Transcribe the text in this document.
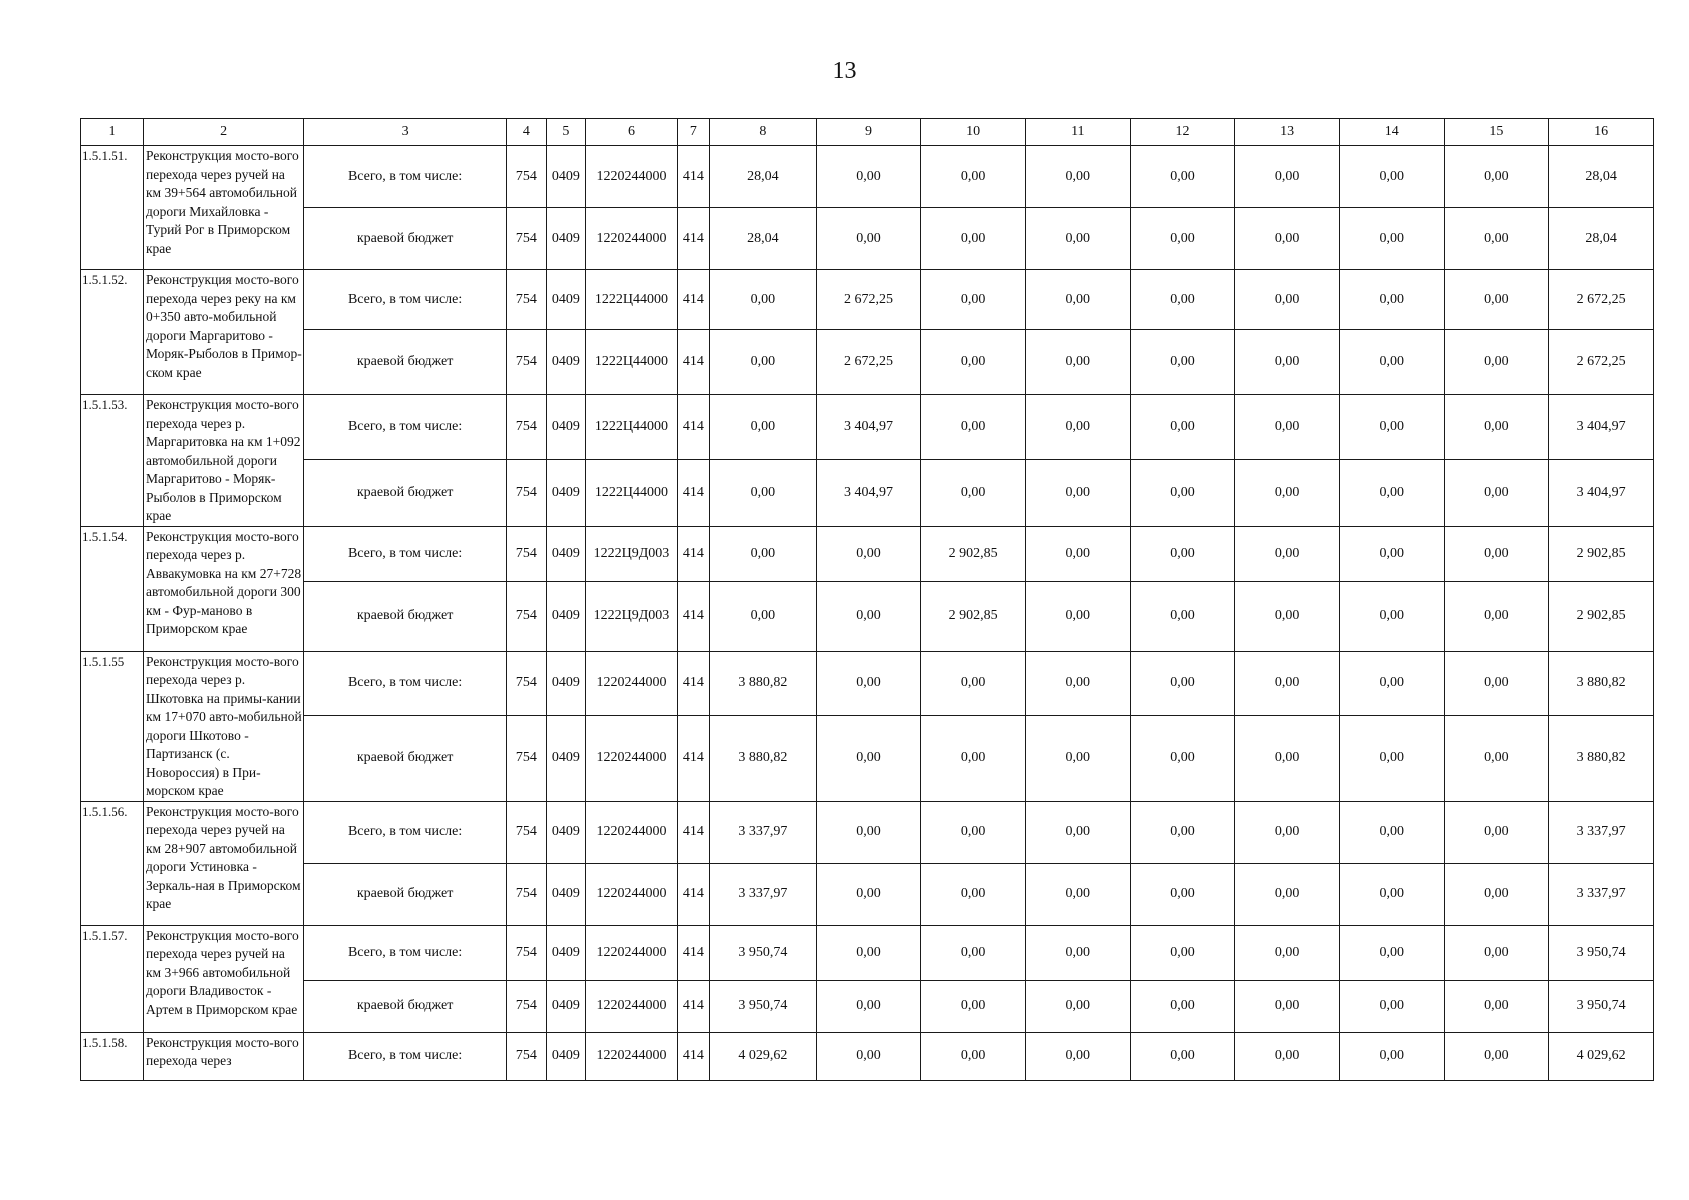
13
1	2	3	4	5	6	7	8	9	10	11	12	13	14	15	16
1.5.1.51.	Реконструкция мосто-вого перехода через ручей на км 39+564 автомобильной дороги Михайловка - Турий Рог в Приморском крае	Всего, в том числе:	754	0409	1220244000	414	28,04	0,00	0,00	0,00	0,00	0,00	0,00	0,00	28,04
		краевой бюджет	754	0409	1220244000	414	28,04	0,00	0,00	0,00	0,00	0,00	0,00	0,00	28,04
1.5.1.52.	Реконструкция мосто-вого перехода через реку на км 0+350 авто-мобильной дороги Маргаритово - Моряк-Рыболов в Примор-ском крае	Всего, в том числе:	754	0409	1222Ц44000	414	0,00	2 672,25	0,00	0,00	0,00	0,00	0,00	0,00	2 672,25
		краевой бюджет	754	0409	1222Ц44000	414	0,00	2 672,25	0,00	0,00	0,00	0,00	0,00	0,00	2 672,25
1.5.1.53.	Реконструкция мосто-вого перехода через р. Маргаритовка на км 1+092 автомобильной дороги Маргаритово - Моряк-Рыболов в Приморском крае	Всего, в том числе:	754	0409	1222Ц44000	414	0,00	3 404,97	0,00	0,00	0,00	0,00	0,00	0,00	3 404,97
		краевой бюджет	754	0409	1222Ц44000	414	0,00	3 404,97	0,00	0,00	0,00	0,00	0,00	0,00	3 404,97
1.5.1.54.	Реконструкция мосто-вого перехода через р. Аввакумовка на км 27+728 автомобильной дороги 300 км - Фур-маново в Приморском крае	Всего, в том числе:	754	0409	1222Ц9Д003	414	0,00	0,00	2 902,85	0,00	0,00	0,00	0,00	0,00	2 902,85
		краевой бюджет	754	0409	1222Ц9Д003	414	0,00	0,00	2 902,85	0,00	0,00	0,00	0,00	0,00	2 902,85
1.5.1.55	Реконструкция мосто-вого перехода через р. Шкотовка на примы-кании км 17+070 авто-мобильной дороги Шкотово - Партизанск (с. Новороссия) в При-морском крае	Всего, в том числе:	754	0409	1220244000	414	3 880,82	0,00	0,00	0,00	0,00	0,00	0,00	0,00	3 880,82
		краевой бюджет	754	0409	1220244000	414	3 880,82	0,00	0,00	0,00	0,00	0,00	0,00	0,00	3 880,82
1.5.1.56.	Реконструкция мосто-вого перехода через ручей на км 28+907 автомобильной дороги Устиновка - Зеркаль-ная в Приморском крае	Всего, в том числе:	754	0409	1220244000	414	3 337,97	0,00	0,00	0,00	0,00	0,00	0,00	0,00	3 337,97
		краевой бюджет	754	0409	1220244000	414	3 337,97	0,00	0,00	0,00	0,00	0,00	0,00	0,00	3 337,97
1.5.1.57.	Реконструкция мосто-вого перехода через ручей на км 3+966 автомобильной дороги Владивосток - Артем в Приморском крае	Всего, в том числе:	754	0409	1220244000	414	3 950,74	0,00	0,00	0,00	0,00	0,00	0,00	0,00	3 950,74
		краевой бюджет	754	0409	1220244000	414	3 950,74	0,00	0,00	0,00	0,00	0,00	0,00	0,00	3 950,74
1.5.1.58.	Реконструкция мосто-вого перехода через	Всего, в том числе:	754	0409	1220244000	414	4 029,62	0,00	0,00	0,00	0,00	0,00	0,00	0,00	4 029,62
